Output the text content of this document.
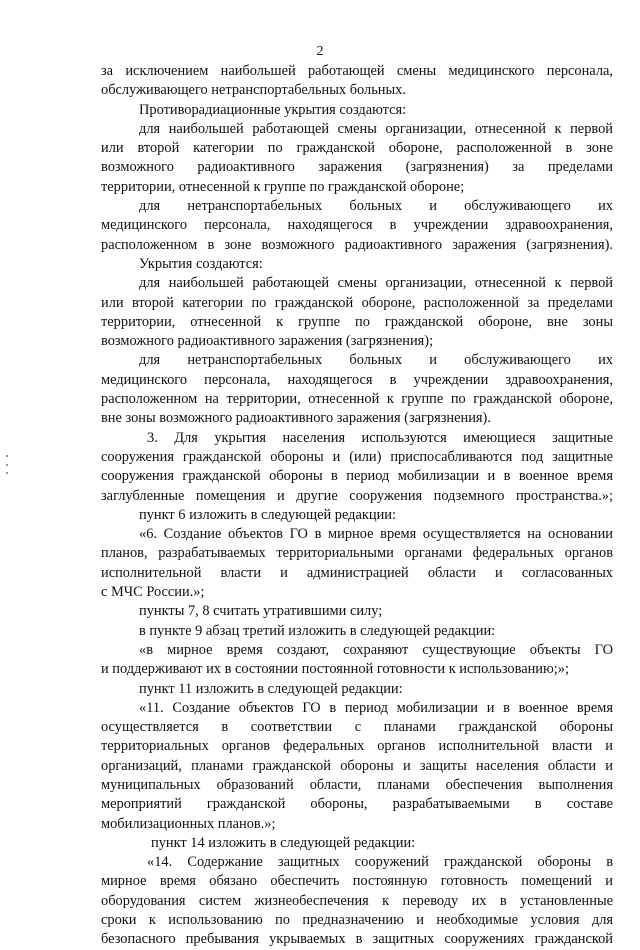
2
за исключением наибольшей работающей смены медицинского персонала,
обслуживающего нетранспортабельных больных.
Противорадиационные укрытия создаются:
для наибольшей работающей смены организации, отнесенной к первой
или второй категории по гражданской обороне, расположенной в зоне
возможного радиоактивного заражения (загрязнения) за пределами
территории, отнесенной к группе по гражданской обороне;
для нетранспортабельных больных и обслуживающего их
медицинского персонала, находящегося в учреждении здравоохранения,
расположенном в зоне возможного радиоактивного заражения (загрязнения).
Укрытия создаются:
для наибольшей работающей смены организации, отнесенной к первой
или второй категории по гражданской обороне, расположенной за пределами
территории, отнесенной к группе по гражданской обороне, вне зоны
возможного радиоактивного заражения (загрязнения);
для нетранспортабельных больных и обслуживающего их
медицинского персонала, находящегося в учреждении здравоохранения,
расположенном на территории, отнесенной к группе по гражданской обороне,
вне зоны возможного радиоактивного заражения (загрязнения).
3. Для укрытия населения используются имеющиеся защитные
сооружения гражданской обороны и (или) приспосабливаются под защитные
сооружения гражданской обороны в период мобилизации и в военное время
заглубленные помещения и другие сооружения подземного пространства.»;
пункт 6 изложить в следующей редакции:
«6. Создание объектов ГО в мирное время осуществляется на основании
планов, разрабатываемых территориальными органами федеральных органов
исполнительной власти и администрацией области и согласованных
с МЧС России.»;
пункты 7, 8 считать утратившими силу;
в пункте 9 абзац третий изложить в следующей редакции:
«в мирное время создают, сохраняют существующие объекты ГО
и поддерживают их в состоянии постоянной готовности к использованию;»;
пункт 11 изложить в следующей редакции:
«11. Создание объектов ГО в период мобилизации и в военное время
осуществляется в соответствии с планами гражданской обороны
территориальных органов федеральных органов исполнительной власти и
организаций, планами гражданской обороны и защиты населения области и
муниципальных образований области, планами обеспечения выполнения
мероприятий гражданской обороны, разрабатываемыми в составе
мобилизационных планов.»;
пункт 14 изложить в следующей редакции:
«14. Содержание защитных сооружений гражданской обороны в
мирное время обязано обеспечить постоянную готовность помещений и
оборудования систем жизнеобеспечения к переводу их в установленные
сроки к использованию по предназначению и необходимые условия для
безопасного пребывания укрываемых в защитных сооружениях гражданской
